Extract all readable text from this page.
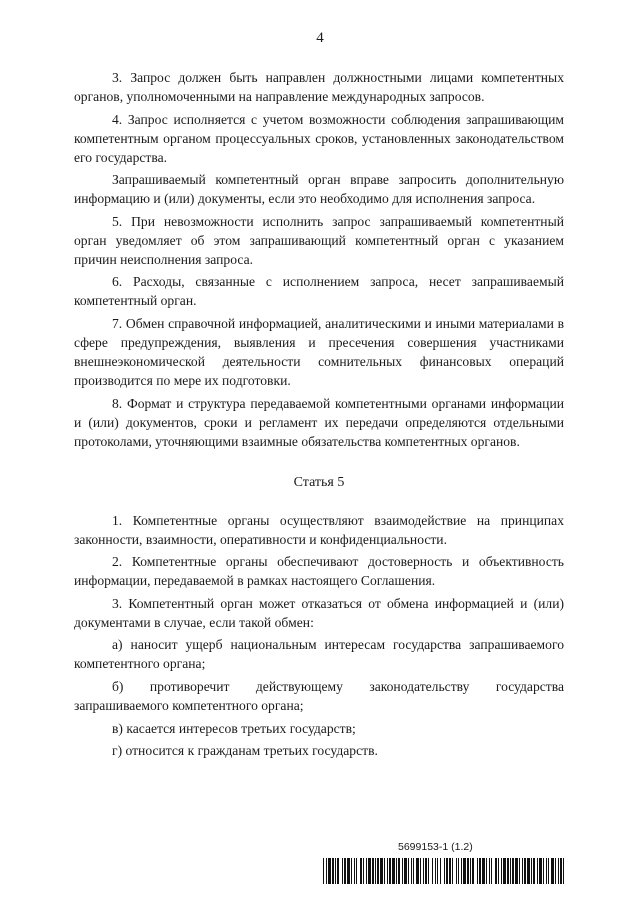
4

3. Запрос должен быть направлен должностными лицами компетентных органов, уполномоченными на направление международных запросов.

4. Запрос исполняется с учетом возможности соблюдения запрашивающим компетентным органом процессуальных сроков, установленных законодательством его государства.

Запрашиваемый компетентный орган вправе запросить дополнительную информацию и (или) документы, если это необходимо для исполнения запроса.

5. При невозможности исполнить запрос запрашиваемый компетентный орган уведомляет об этом запрашивающий компетентный орган с указанием причин неисполнения запроса.

6. Расходы, связанные с исполнением запроса, несет запрашиваемый компетентный орган.

7. Обмен справочной информацией, аналитическими и иными материалами в сфере предупреждения, выявления и пресечения совершения участниками внешнеэкономической деятельности сомнительных финансовых операций производится по мере их подготовки.

8. Формат и структура передаваемой компетентными органами информации и (или) документов, сроки и регламент их передачи определяются отдельными протоколами, уточняющими взаимные обязательства компетентных органов.

Статья 5

1. Компетентные органы осуществляют взаимодействие на принципах законности, взаимности, оперативности и конфиденциальности.

2. Компетентные органы обеспечивают достоверность и объективность информации, передаваемой в рамках настоящего Соглашения.

3. Компетентный орган может отказаться от обмена информацией и (или) документами в случае, если такой обмен:

а) наносит ущерб национальным интересам государства запрашиваемого компетентного органа;

б) противоречит действующему законодательству государства запрашиваемого компетентного органа;

в) касается интересов третьих государств;

г) относится к гражданам третьих государств.

5699153-1 (1.2)
